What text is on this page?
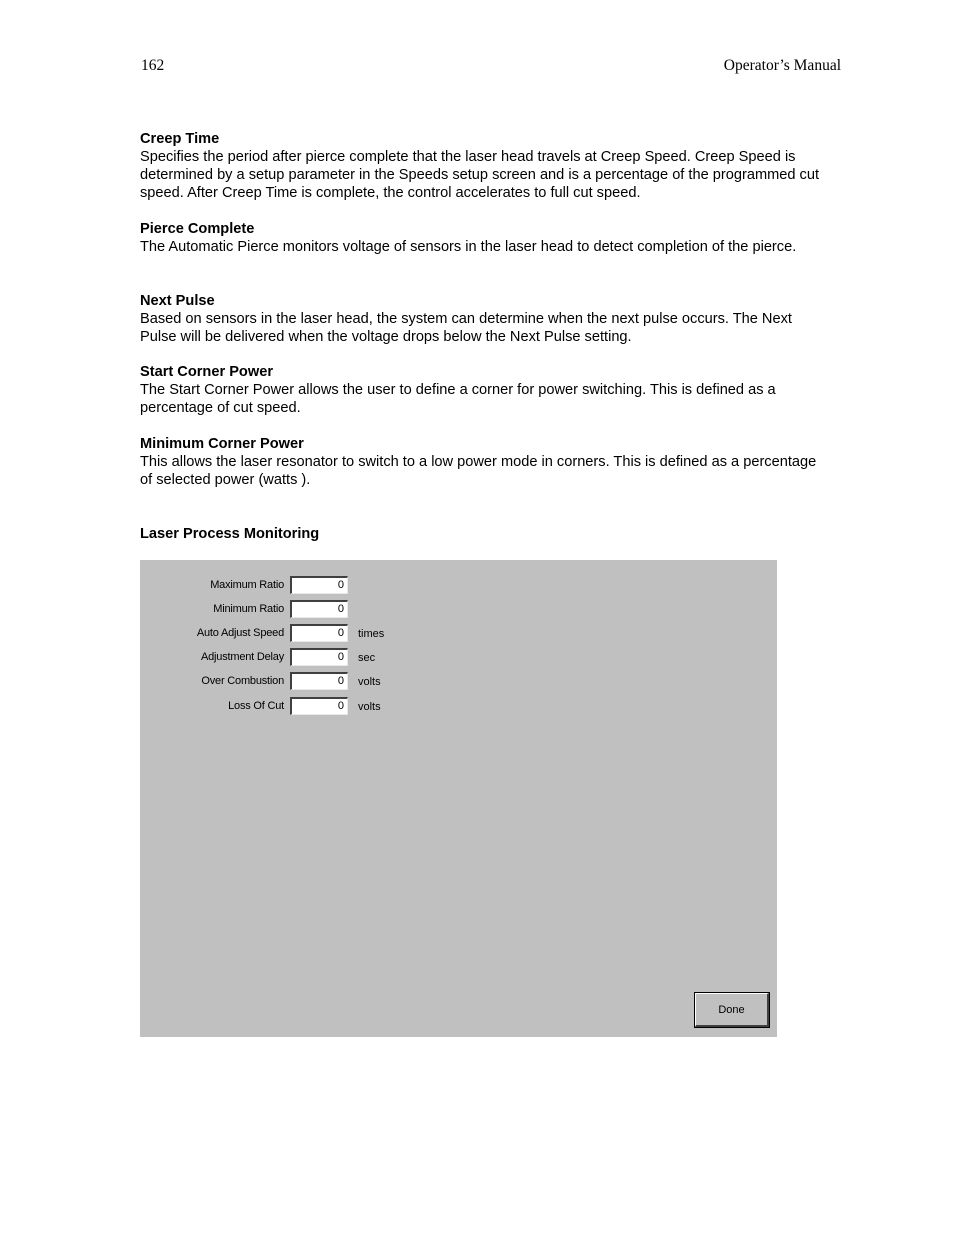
162	Operator’s Manual
Creep Time

Specifies the period after pierce complete that the laser head travels at Creep Speed. Creep Speed is determined by a setup parameter in the Speeds setup screen and is a percentage of the programmed cut speed. After Creep Time is complete, the control accelerates to full cut speed.

Pierce Complete

The Automatic Pierce monitors voltage of sensors in the laser head to detect completion of the pierce.

Next Pulse

Based on sensors in the laser head, the system can determine when the next pulse occurs. The Next Pulse will be delivered when the voltage drops below the Next Pulse setting.

Start Corner Power

The Start Corner Power allows the user to define a corner for power switching. This is defined as a percentage of cut speed.

Minimum Corner Power

This allows the laser resonator to switch to a low power mode in corners. This is defined as a percentage of selected power (watts ).

Laser Process Monitoring
Maximum Ratio	0
Minimum Ratio	0
Auto Adjust Speed	0	times
Adjustment Delay	0	sec
Over Combustion	0	volts
Loss Of Cut	0	volts
Done
